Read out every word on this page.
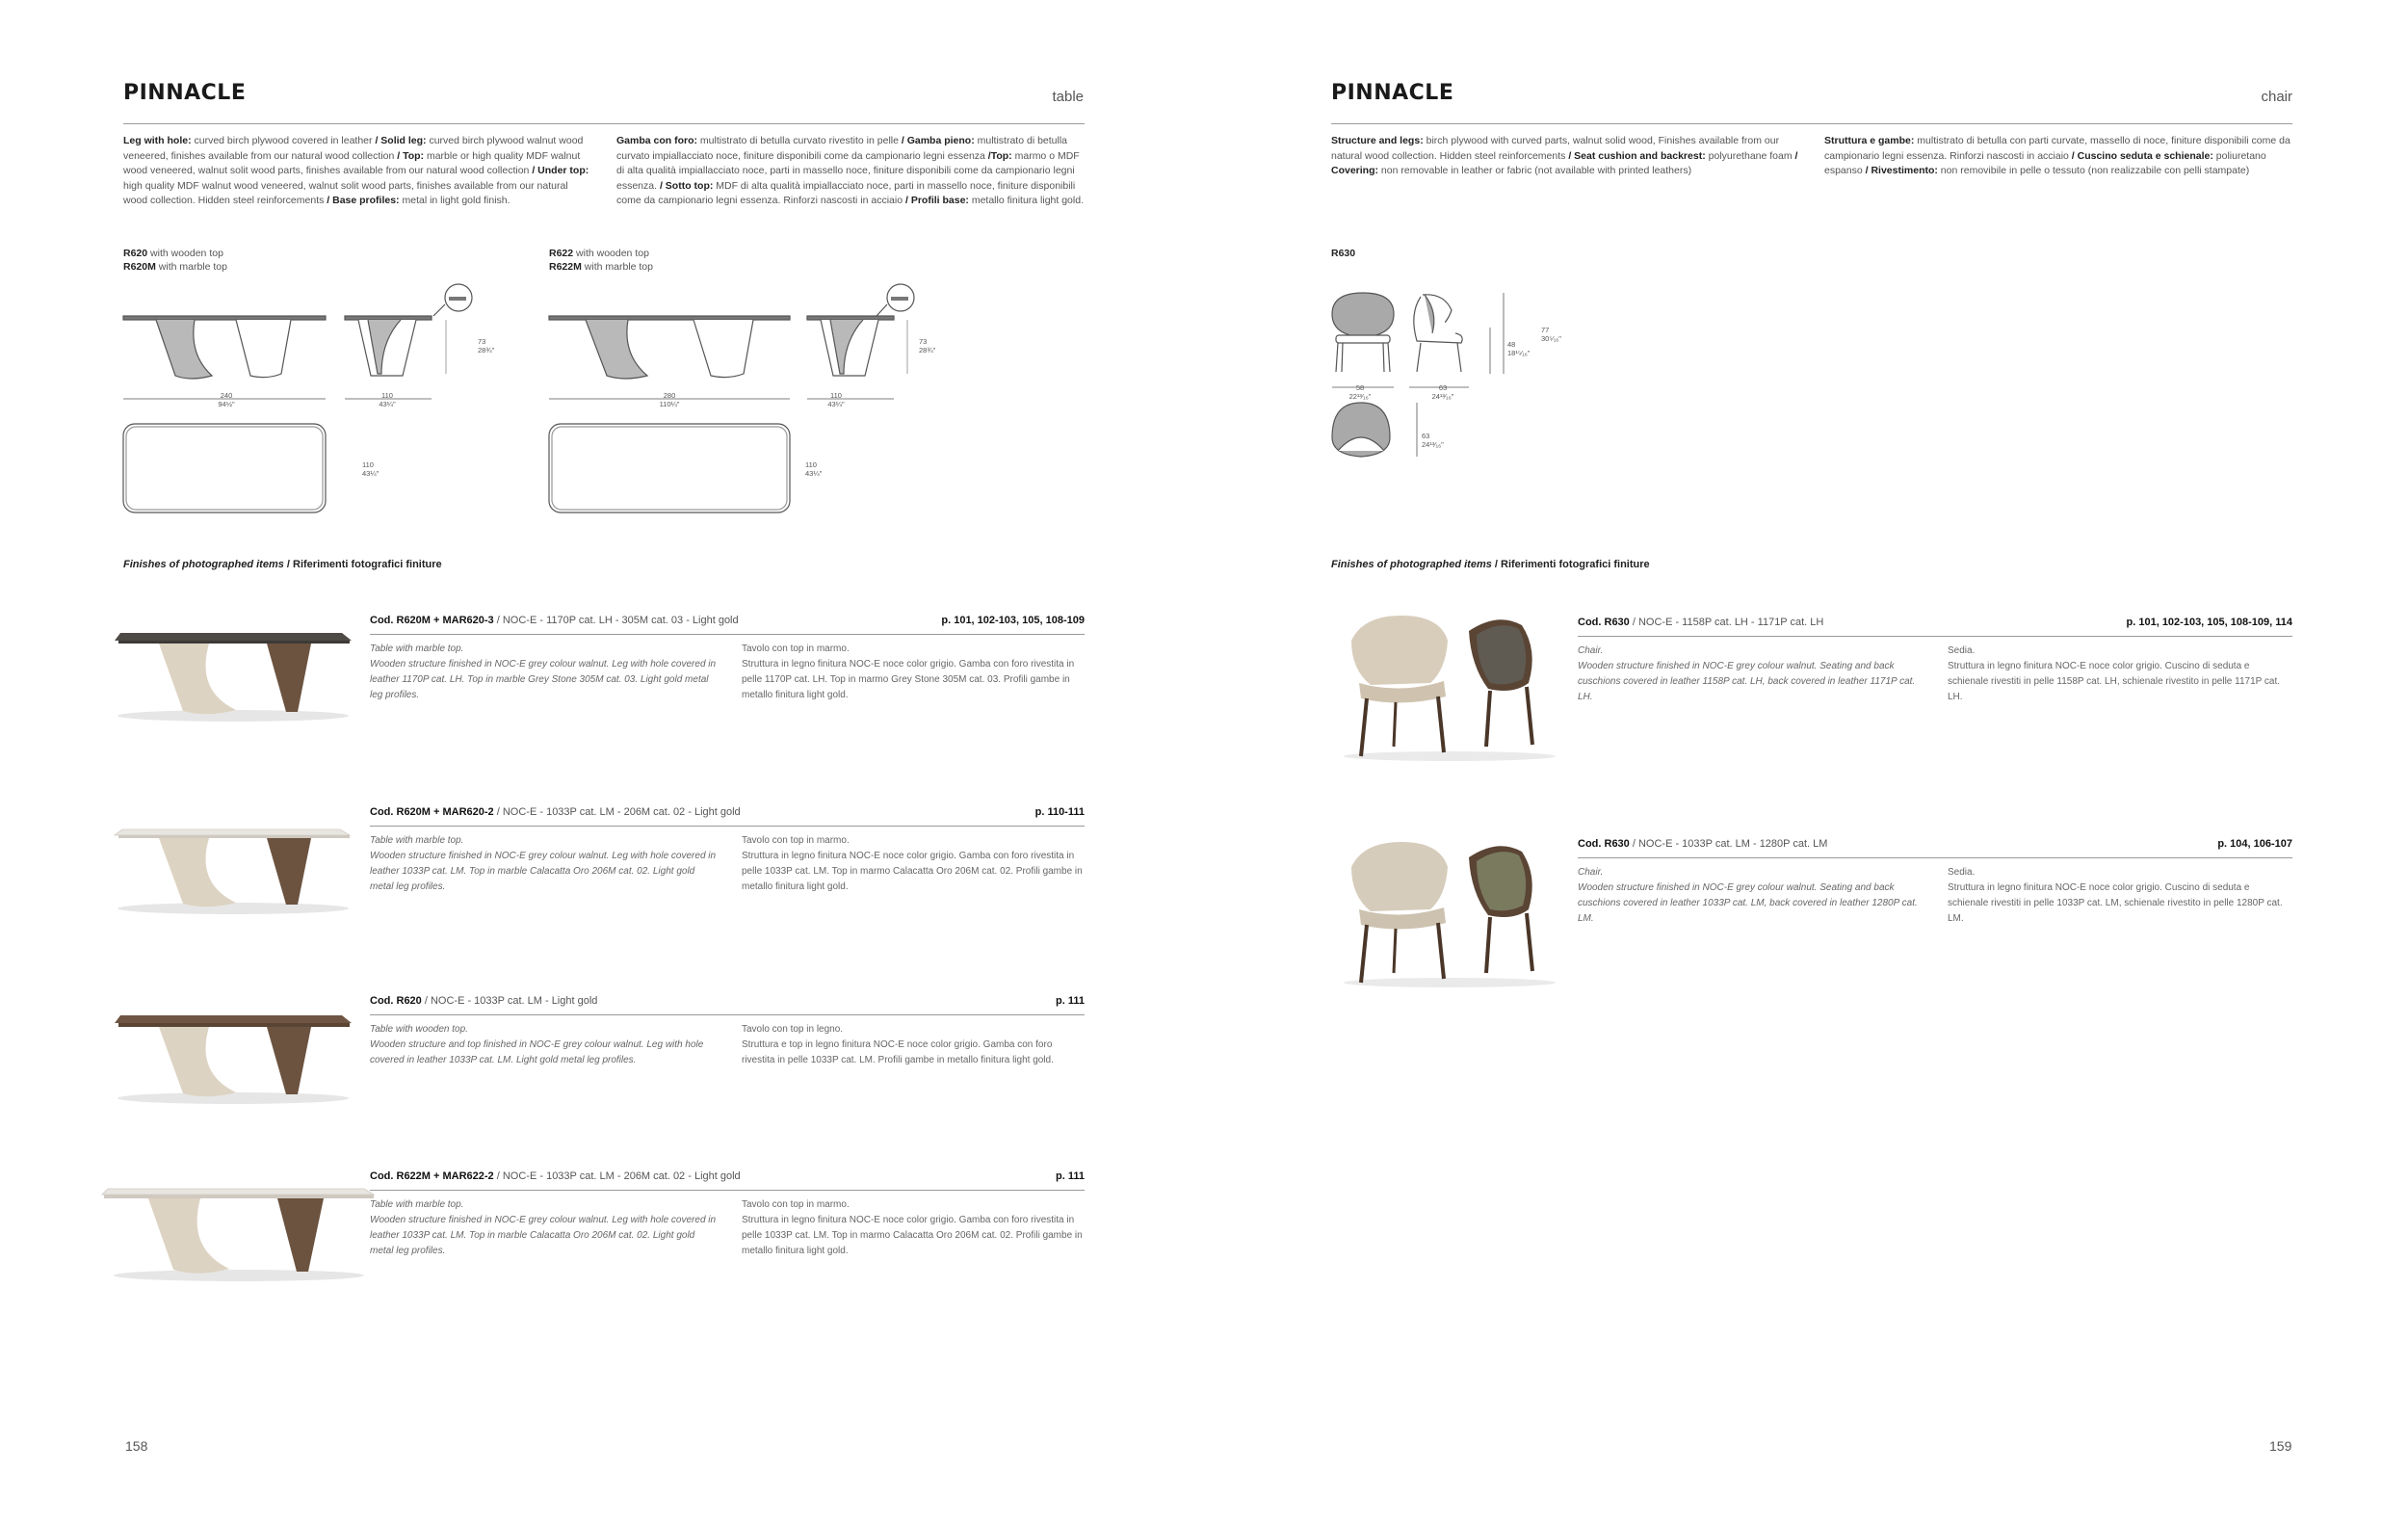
PINNACLE	table
Leg with hole: curved birch plywood covered in leather / Solid leg: curved birch plywood walnut wood veneered, finishes available from our natural wood collection / Top: marble or high quality MDF walnut wood veneered, walnut solit wood parts, finishes available from our natural wood collection / Under top: high quality MDF walnut wood veneered, walnut solit wood parts, finishes available from our natural wood collection. Hidden steel reinforcements / Base profiles: metal in light gold finish.
Gamba con foro: multistrato di betulla curvato rivestito in pelle / Gamba pieno: multistrato di betulla curvato impiallacciato noce, finiture disponibili come da campionario legni essenza /Top: marmo o MDF di alta qualità impiallacciato noce, parti in massello noce, finiture disponibili come da campionario legni essenza. / Sotto top: MDF di alta qualità impiallacciato noce, parti in massello noce, finiture disponibili come da campionario legni essenza. Rinforzi nascosti in acciaio / Profili base: metallo finitura light gold.
R620 with wooden top
R620M with marble top
R622 with wooden top
R622M with marble top
240
94½"
110
43¼"
73
28¾"
110
43¼"
280
110¼"
110
43¼"
73
28¾"
110
43¼"
Finishes of photographed items / Riferimenti fotografici finiture
Cod. R620M + MAR620-3 / NOC-E - 1170P cat. LH - 305M cat. 03 - Light gold	p. 101, 102-103, 105, 108-109
Table with marble top.
Wooden structure finished in NOC-E grey colour walnut. Leg with hole covered in leather 1170P cat. LH. Top in marble Grey Stone 305M cat. 03. Light gold metal leg profiles.
Tavolo con top in marmo.
Struttura in legno finitura NOC-E noce color grigio. Gamba con foro rivestita in pelle 1170P cat. LH. Top in marmo Grey Stone 305M cat. 03. Profili gambe in metallo finitura light gold.
Cod. R620M + MAR620-2 / NOC-E - 1033P cat. LM - 206M cat. 02 - Light gold	p. 110-111
Table with marble top.
Wooden structure finished in NOC-E grey colour walnut. Leg with hole covered in leather 1033P cat. LM. Top in marble Calacatta Oro 206M cat. 02. Light gold metal leg profiles.
Tavolo con top in marmo.
Struttura in legno finitura NOC-E noce color grigio. Gamba con foro rivestita in pelle 1033P cat. LM. Top in marmo Calacatta Oro 206M cat. 02. Profili gambe in metallo finitura light gold.
Cod. R620 / NOC-E - 1033P cat. LM - Light gold	p. 111
Table with wooden top.
Wooden structure and top finished in NOC-E grey colour walnut. Leg with hole covered in leather 1033P cat. LM. Light gold metal leg profiles.
Tavolo con top in legno.
Struttura e top in legno finitura NOC-E noce color grigio. Gamba con foro rivestita in pelle 1033P cat. LM. Profili gambe in metallo finitura light gold.
Cod. R622M + MAR622-2 / NOC-E - 1033P cat. LM - 206M cat. 02 - Light gold	p. 111
Table with marble top.
Wooden structure finished in NOC-E grey colour walnut. Leg with hole covered in leather 1033P cat. LM. Top in marble Calacatta Oro 206M cat. 02. Light gold metal leg profiles.
Tavolo con top in marmo.
Struttura in legno finitura NOC-E noce color grigio. Gamba con foro rivestita in pelle 1033P cat. LM. Top in marmo Calacatta Oro 206M cat. 02. Profili gambe in metallo finitura light gold.
158
PINNACLE	chair
Structure and legs: birch plywood with curved parts, walnut solid wood, Finishes available from our natural wood collection. Hidden steel reinforcements / Seat cushion and backrest: polyurethane foam / Covering: non removable in leather or fabric (not available with printed leathers)
Struttura e gambe: multistrato di betulla con parti curvate, massello di noce, finiture disponibili come da campionario legni essenza. Rinforzi nascosti in acciaio / Cuscino seduta e schienale: poliuretano espanso / Rivestimento: non removibile in pelle o tessuto (non realizzabile con pelli stampate)
R630
58
22¹³⁄₁₆"
63
24¹³⁄₁₆"
48
18¹⁵⁄₁₆"
77
30⁵⁄₁₆"
63
24¹³⁄₁₆"
Finishes of photographed items / Riferimenti fotografici finiture
Cod. R630 / NOC-E - 1158P cat. LH - 1171P cat. LH	p. 101, 102-103, 105, 108-109, 114
Chair.
Wooden structure finished in NOC-E grey colour walnut. Seating and back cuschions covered in leather 1158P cat. LH, back covered in leather 1171P cat. LH.
Sedia.
Struttura in legno finitura NOC-E noce color grigio. Cuscino di seduta e schienale rivestiti in pelle 1158P cat. LH, schienale rivestito in pelle 1171P cat. LH.
Cod. R630 / NOC-E - 1033P cat. LM - 1280P cat. LM	p. 104, 106-107
Chair.
Wooden structure finished in NOC-E grey colour walnut. Seating and back cuschions covered in leather 1033P cat. LM, back covered in leather 1280P cat. LM.
Sedia.
Struttura in legno finitura NOC-E noce color grigio. Cuscino di seduta e schienale rivestiti in pelle 1033P cat. LM, schienale rivestito in pelle 1280P cat. LM.
159
